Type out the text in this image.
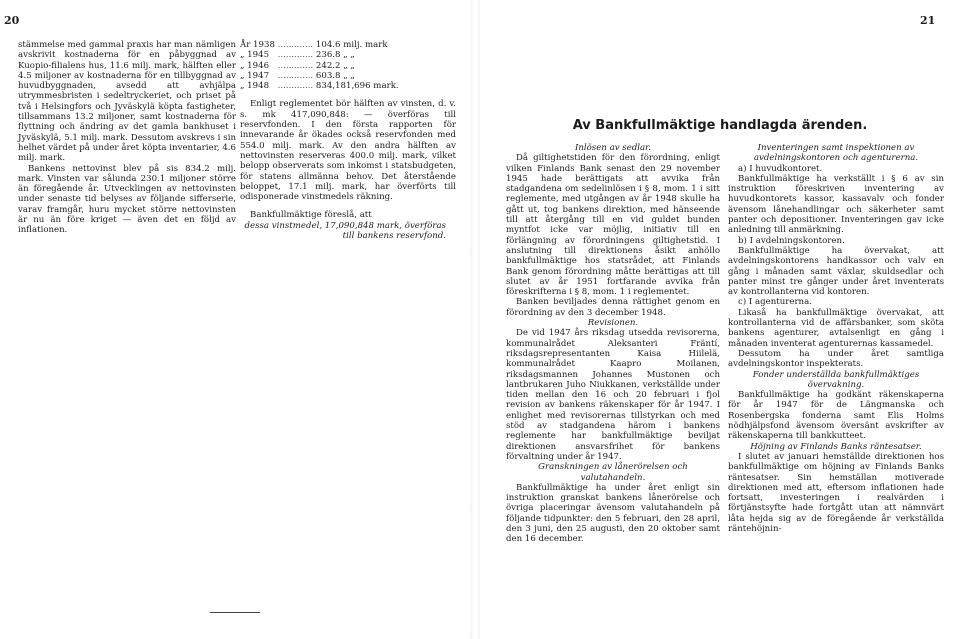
20

stämmelse med gammal praxis har man nämligen avskrivit kostnaderna för en påbyggnad av Kuopio-filialens hus, 11.6 milj. mark, hälften eller 4.5 miljoner av kostnaderna för en tillbyggnad av huvudbyggnaden, avsedd att avhjälpa utrymmesbristen i sedeltryckeriet, och priset på två i Helsingfors och Jyväskylä köpta fastigheter, tillsammans 13.2 miljoner, samt kostnaderna för flyttning och ändring av det gamla bankhuset i Jyväskylä, 5.1 milj. mark. Dessutom avskrevs i sin helhet värdet på under året köpta inventarier, 4.6 milj. mark.

Bankens nettovinst blev på sis 834.2 milj. mark. Vinsten var sålunda 230.1 miljoner större än föregående år. Utvecklingen av nettovinsten under senaste tid belyses av följande sifferserie, varav framgår, huru mycket större nettovinsten är nu än före kriget — även det en följd av inflationen.

År 1938	.............	104.6 milj. mark
„ 1945	.............	236.8 „ „
„ 1946	.............	242.2 „ „
„ 1947	.............	603.8 „ „
„ 1948	.............	834,181,696 mark.

Enligt reglementet bör hälften av vinsten, d. v. s. mk 417,090,848: — överföras till reservfonden. I den första rapporten för innevarande år ökades också reservfonden med 554.0 milj. mark. Av den andra hälften av nettovinsten reserveras 400.0 milj. mark, vilket belopp observerats som inkomst i statsbudgeten, för statens allmänna behov. Det återstående beloppet, 17.1 milj. mark, har överförts till odisponerade vinstmedels räkning.

Bankfullmäktige föreslå, att

dessa vinstmedel, 17,090,848 mark, överföras till bankens reservfond.

21
Av Bankfullmäktige handlagda ärenden.

Inlösen av sedlar.

Då giltighetstiden för den förordning, enligt vilken Finlands Bank senast den 29 november 1945 hade berättigats att avvika från stadgandena om sedelinlösen i § 8, mom. 1 i sitt reglemente, med utgången av år 1948 skulle ha gått ut, tog bankens direktion, med hänseende till att återgång till en vid guldet bunden myntfot icke var möjlig, initiativ till en förlängning av förordningens giltighetstid. I anslutning till direktionens åsikt anhöllo bankfullmäktige hos statsrådet, att Finlands Bank genom förordning måtte berättigas att till slutet av år 1951 fortfarande avvika från föreskrifterna i § 8, mom. 1 i reglementet.

Banken beviljades denna rättighet genom en förordning av den 3 december 1948.

Revisionen.

De vid 1947 års riksdag utsedda revisorerna, kommunalrådet Aleksanteri Fräntí, riksdagsrepresentanten Kaisa Hiilelä, kommunalrådet Kaapro Moilanen, riksdagsmannen Johannes Mustonen och lantbrukaren Juho Niukkanen, verkställde under tiden mellan den 16 och 20 februari i fjol revision av bankens räkenskaper för år 1947. I enlighet med revisorernas tillstyrkan och med stöd av stadgandena härom i bankens reglemente har bankfullmäktige beviljat direktionen ansvarsfrihet för bankens förvaltning under år 1947.

Granskningen av lånerörelsen och valutahandeln.

Bankfullmäktige ha under året enligt sin instruktion granskat bankens lånerörelse och övriga placeringar ävensom valutahandeln på följande tidpunkter: den 5 februari, den 28 april, den 3 juni, den 25 augusti, den 20 oktober samt den 16 december.

Inventeringen samt inspektionen av avdelningskontoren och agenturerna.

a) I huvudkontoret.

Bankfullmäktige ha verkställt i § 6 av sin instruktion föreskriven inventering av huvudkontorets kassor, kassavalv och fonder ävensom lånehandlingar och säkerheter samt panter och depositioner. Inventeringen gav icke anledning till anmärkning.

b) I avdelningskontoren.

Bankfullmäktige ha övervakat, att avdelningskontorens handkassor och valv en gång i månaden samt växlar, skuldsedlar och panter minst tre gånger under året inventerats av kontrollanterna vid kontoren.

c) I agenturerna.

Likaså ha bankfullmäktige övervakat, att kontrollanterna vid de affärsbanker, som sköta bankens agenturer, avtalsenligt en gång i månaden inventerat agenturernas kassamedel.

Dessutom ha under året samtliga avdelningskontor inspekterats.

Fonder underställda bankfullmäktiges övervakning.

Bankfullmäktige ha godkänt räkenskaperna för år 1947 för de Längmanska och Rosenbergska fonderna samt Elis Holms nödhjälpsfond ävensom översänt avskrifter av räkenskaperna till bankkutteet.

Höjning av Finlands Banks räntesatser.

I slutet av januari hemställde direktionen hos bankfullmäktige om höjning av Finlands Banks räntesatser. Sin hemställan motiverade direktionen med att, eftersom inflationen hade fortsatt, investeringen i realvärden i förtjänstsyfte hade fortgått utan att nämnvärt låta hejda sig av de föregående år verkställda räntehöjnin-
